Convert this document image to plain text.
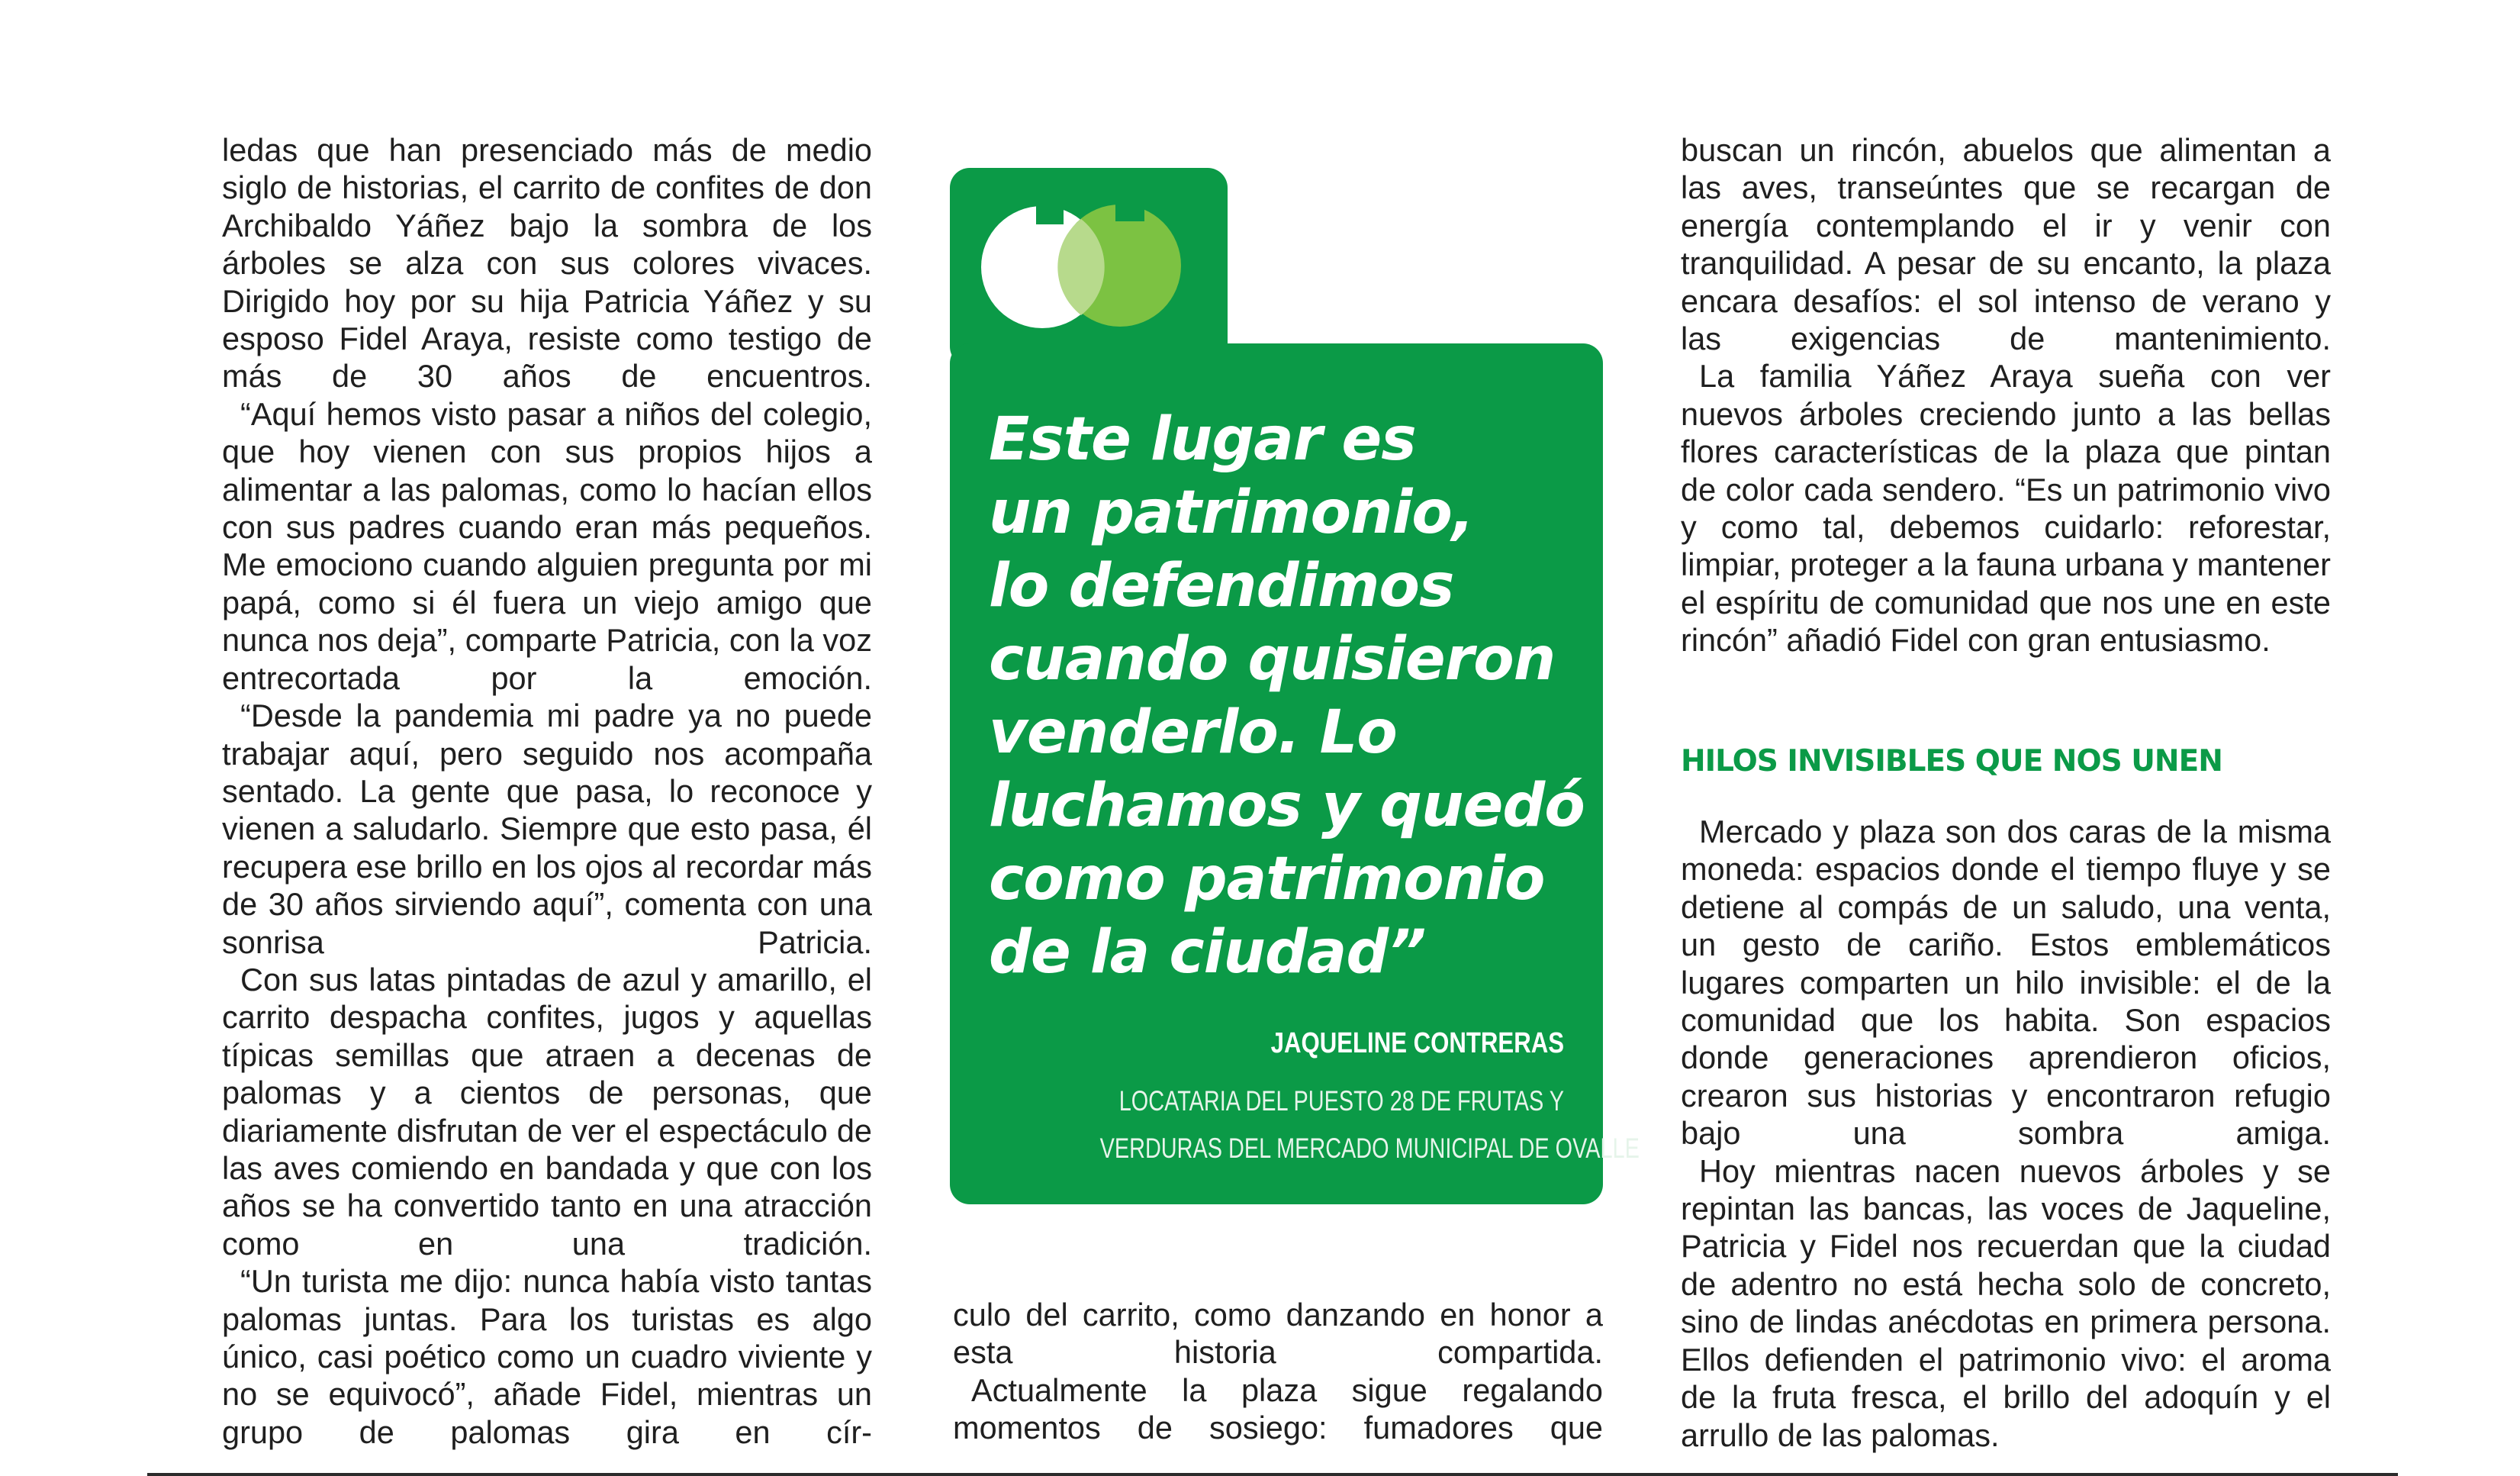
ledas que han presenciado más de medio siglo de historias, el carrito de confites de don Archibaldo Yáñez bajo la sombra de los árboles se alza con sus colores vivaces. Dirigido hoy por su hija Patricia Yáñez y su esposo Fidel Araya, resiste como testigo de más de 30 años de encuentros.

“Aquí hemos visto pasar a niños del colegio, que hoy vienen con sus propios hijos a alimentar a las palomas, como lo hacían ellos con sus padres cuando eran más pequeños. Me emociono cuando alguien pregunta por mi papá, como si él fuera un viejo amigo que nunca nos deja”, comparte Patricia, con la voz entrecortada por la emoción.

“Desde la pandemia mi padre ya no puede trabajar aquí, pero seguido nos acompaña sentado. La gente que pasa, lo reconoce y vienen a saludarlo. Siempre que esto pasa, él recupera ese brillo en los ojos al recordar más de 30 años sirviendo aquí”, comenta con una sonrisa Patricia.

Con sus latas pintadas de azul y amarillo, el carrito despacha confites, jugos y aquellas típicas semillas que atraen a decenas de palomas y a cientos de personas, que diariamente disfrutan de ver el espectáculo de las aves comiendo en bandada y que con los años se ha convertido tanto en una atracción como en una tradición.

“Un turista me dijo: nunca había visto tantas palomas juntas. Para los turistas es algo único, casi poético como un cuadro viviente y no se equivocó”, añade Fidel, mientras un grupo de palomas gira en cír-

Este lugar es
un patrimonio,
lo defendimos
cuando quisieron
venderlo. Lo
luchamos y quedó
como patrimonio
de la ciudad”
JAQUELINE CONTRERAS
LOCATARIA DEL PUESTO 28 DE FRUTAS Y
VERDURAS DEL MERCADO MUNICIPAL DE OVALLE

culo del carrito, como danzando en honor a esta historia compartida.

Actualmente la plaza sigue regalando momentos de sosiego: fumadores que

buscan un rincón, abuelos que alimentan a las aves, transeúntes que se recargan de energía contemplando el ir y venir con tranquilidad. A pesar de su encanto, la plaza encara desafíos: el sol intenso de verano y las exigencias de mantenimiento.

La familia Yáñez Araya sueña con ver nuevos árboles creciendo junto a las bellas flores características de la plaza que pintan de color cada sendero. “Es un patrimonio vivo y como tal, debemos cuidarlo: reforestar, limpiar, proteger a la fauna urbana y mantener el espíritu de comunidad que nos une en este rincón” añadió Fidel con gran entusiasmo.

HILOS INVISIBLES QUE NOS UNEN

Mercado y plaza son dos caras de la misma moneda: espacios donde el tiempo fluye y se detiene al compás de un saludo, una venta, un gesto de cariño. Estos emblemáticos lugares comparten un hilo invisible: el de la comunidad que los habita. Son espacios donde generaciones aprendieron oficios, crearon sus historias y encontraron refugio bajo una sombra amiga.

Hoy mientras nacen nuevos árboles y se repintan las bancas, las voces de Jaqueline, Patricia y Fidel nos recuerdan que la ciudad de adentro no está hecha solo de concreto, sino de lindas anécdotas en primera persona. Ellos defienden el patrimonio vivo: el aroma de la fruta fresca, el brillo del adoquín y el arrullo de las palomas.
